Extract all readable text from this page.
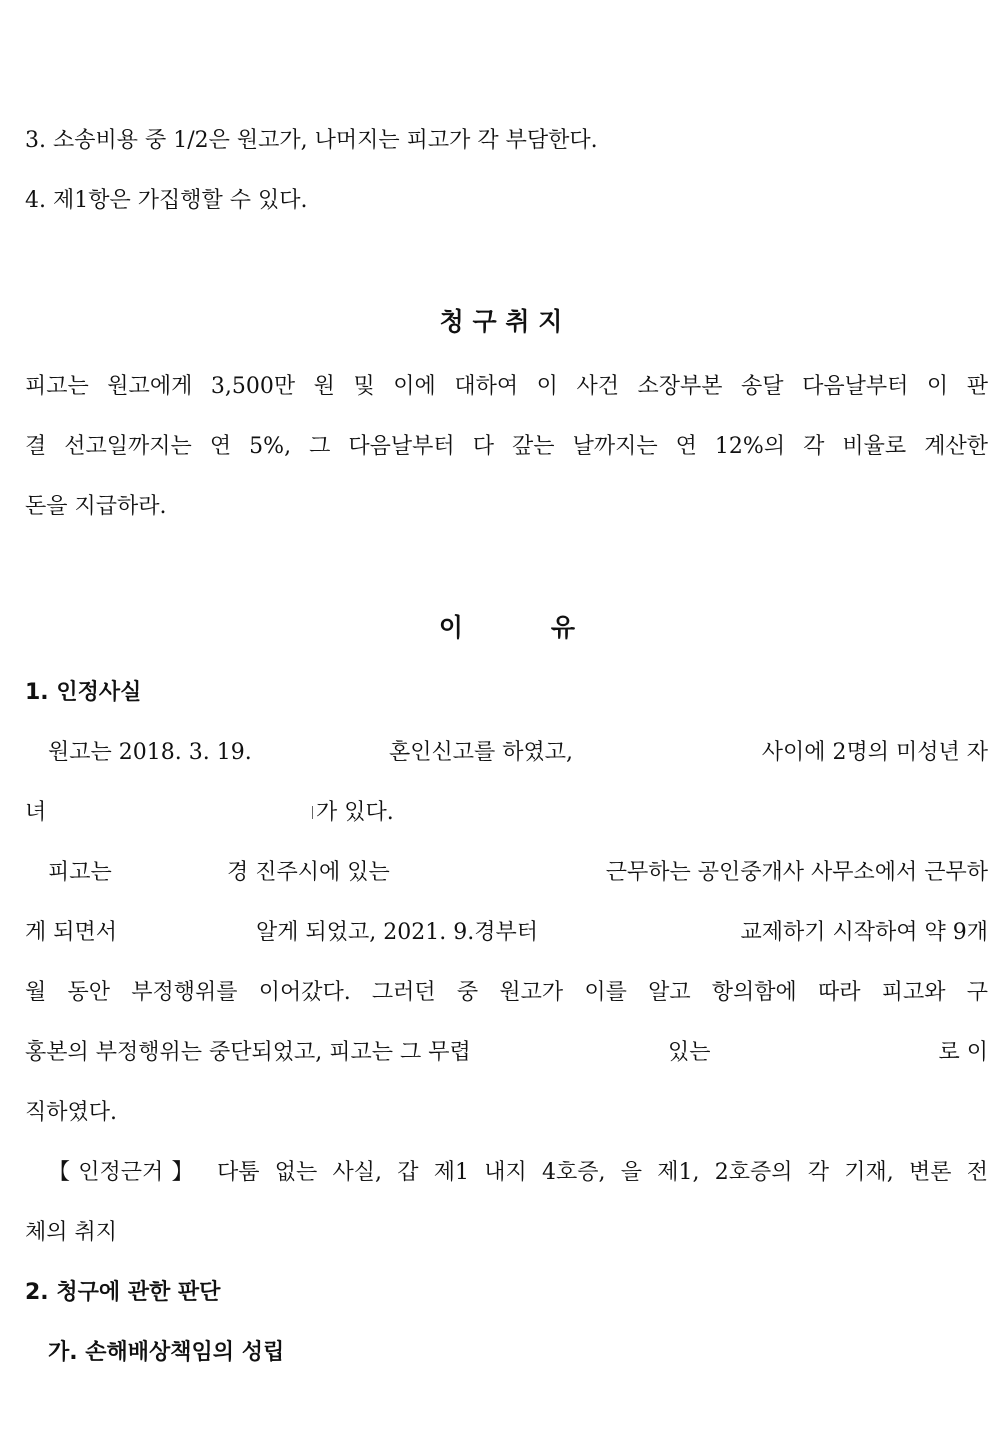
3. 소송비용 중 1/2은 원고가, 나머지는 피고가 각 부담한다.
4. 제1항은 가집행할 수 있다.
청 구 취 지
피고는 원고에게 3,500만 원 및 이에 대하여 이 사건 소장부본 송달 다음날부터 이 판
결 선고일까지는 연 5%, 그 다음날부터 다 갚는 날까지는 연 12%의 각 비율로 계산한
돈을 지급하라.
이	유
1. 인정사실
원고는 2018. 3. 19.	혼인신고를 하였고,	사이에 2명의 미성년 자
녀	가 있다.
피고는	경 진주시에 있는	근무하는 공인중개사 사무소에서 근무하
게 되면서	알게 되었고, 2021. 9.경부터	교제하기 시작하여 약 9개
월 동안 부정행위를 이어갔다. 그러던 중 원고가 이를 알고 항의함에 따라 피고와 구
홍본의 부정행위는 중단되었고, 피고는 그 무렵	있는	로 이
직하였다.
【인정근거】 다툼 없는 사실, 갑 제1 내지 4호증, 을 제1, 2호증의 각 기재, 변론 전
체의 취지
2. 청구에 관한 판단
가. 손해배상책임의 성립
